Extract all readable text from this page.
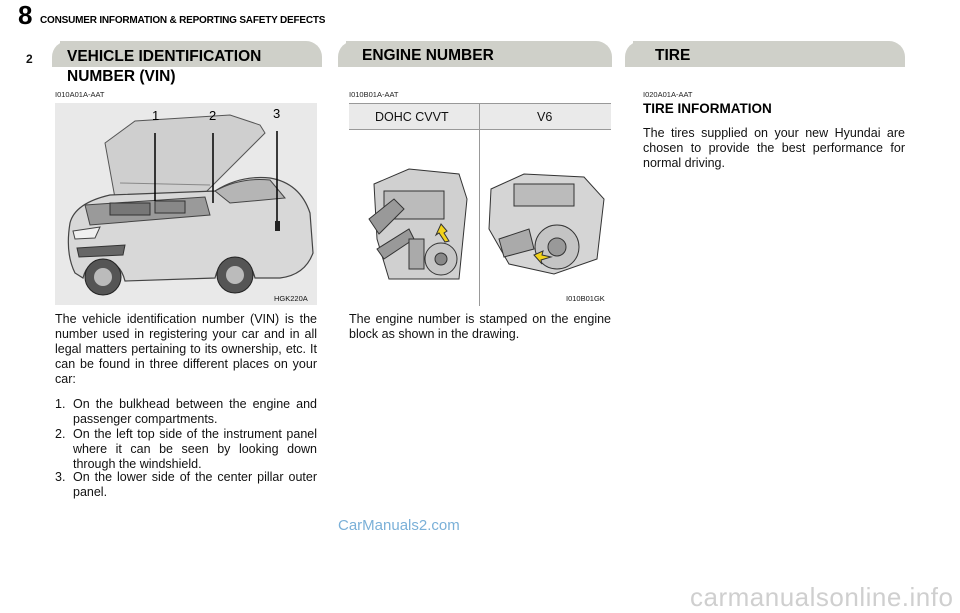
8 CONSUMER INFORMATION & REPORTING SAFETY DEFECTS
2 VEHICLE IDENTIFICATION
NUMBER (VIN)
ENGINE NUMBER	TIRE
I010A01A-AAT
1	2	3
HGK220A
The vehicle identification number (VIN) is the number used in registering your car and in all legal matters pertaining to its ownership, etc. It can be found in three different places on your car:
1. On the bulkhead between the engine and passenger compartments.
2. On the left top side of the instrument panel where it can be seen by looking down through the windshield.
3. On the lower side of the center pillar outer panel.
I010B01A-AAT
DOHC CVVT	V6
I010B01GK
The engine number is stamped on the engine block as shown in the drawing.
I020A01A-AAT
TIRE INFORMATION
The tires supplied on your new Hyundai are chosen to provide the best performance for normal driving.
CarManuals2.com
carmanualsonline.info
